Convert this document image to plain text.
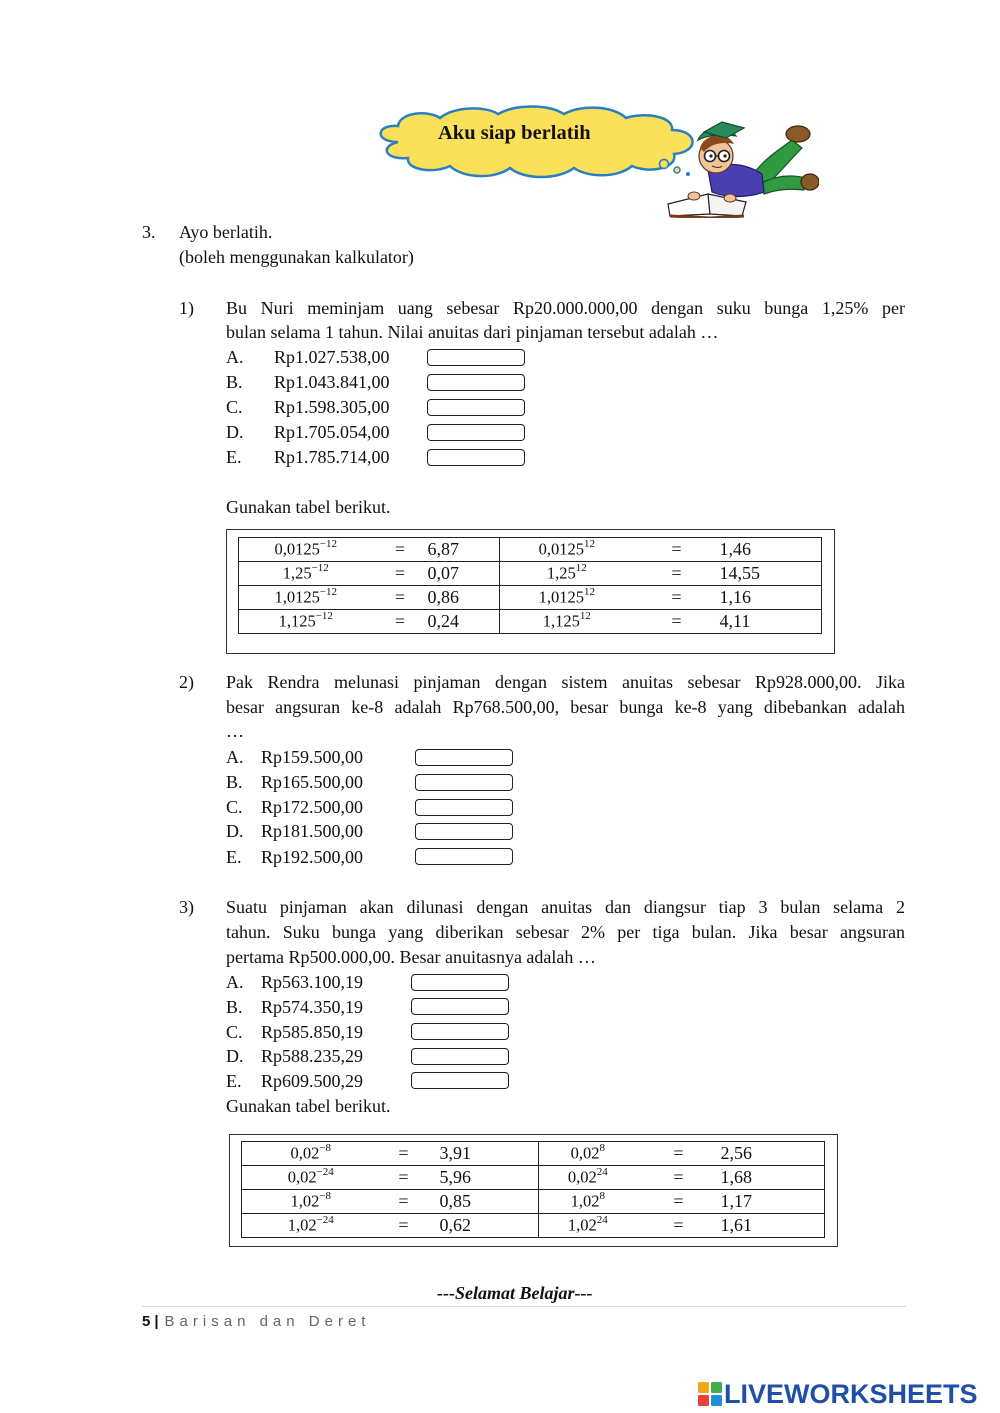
Aku siap berlatih
3. Ayo berlatih.
(boleh menggunakan kalkulator)
1) Bu Nuri meminjam uang sebesar Rp20.000.000,00 dengan suku bunga 1,25% per
bulan selama 1 tahun. Nilai anuitas dari pinjaman tersebut adalah …
A. Rp1.027.538,00
B. Rp1.043.841,00
C. Rp1.598.305,00
D. Rp1.705.054,00
E. Rp1.785.714,00
Gunakan tabel berikut.
$0,0125^{-12}$	=	6,87	$0,0125^{12}$	=	1,46
$1,25^{-12}$	=	0,07	$1,25^{12}$	=	14,55
$1,0125^{-12}$	=	0,86	$1,0125^{12}$	=	1,16
$1,125^{-12}$	=	0,24	$1,125^{12}$	=	4,11
2) Pak Rendra melunasi pinjaman dengan sistem anuitas sebesar Rp928.000,00. Jika
besar angsuran ke-8 adalah Rp768.500,00, besar bunga ke-8 yang dibebankan adalah
…
A. Rp159.500,00
B. Rp165.500,00
C. Rp172.500,00
D. Rp181.500,00
E. Rp192.500,00
3) Suatu pinjaman akan dilunasi dengan anuitas dan diangsur tiap 3 bulan selama 2
tahun. Suku bunga yang diberikan sebesar 2% per tiga bulan. Jika besar angsuran
pertama Rp500.000,00. Besar anuitasnya adalah …
A. Rp563.100,19
B. Rp574.350,19
C. Rp585.850,19
D. Rp588.235,29
E. Rp609.500,29
Gunakan tabel berikut.
$0,02^{-8}$	=	3,91	$0,02^8$	=	2,56
$0,02^{-24}$	=	5,96	$0,02^{24}$	=	1,68
$1,02^{-8}$	=	0,85	$1,02^8$	=	1,17
$1,02^{-24}$	=	0,62	$1,02^{24}$	=	1,61
---Selamat Belajar---
5 | Barisan dan Deret
LIVEWORKSHEETS
